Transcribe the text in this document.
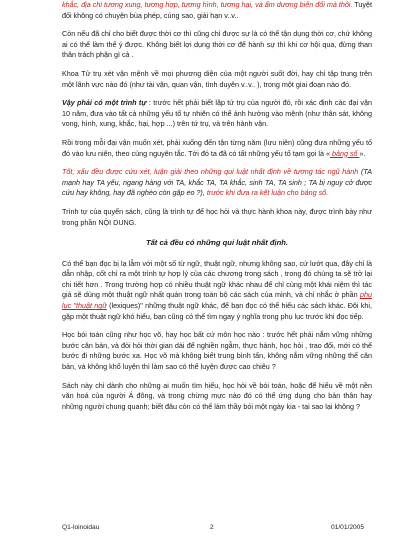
khắc, địa chi tương xung, tương hợp, tương hình, tương hại, và ẩm dương biến đổi mà thôi. Tuyệt đối không có chuyện bùa phép, cúng sao, giải hạn v..v..

Còn nếu đã chỉ cho biết được thời cơ thì cũng chỉ được sự là có thể tận dụng thời cơ, chứ không ai có thể làm thế ý được. Không biết lợi dụng thời cơ để hành sự thì khi cơ hội qua, đừng than thân trách phận gì cả .

Khoa Tử trụ xét vận mệnh về mọi phương diện của một người suốt đời, hay chỉ tập trung trên một lãnh vực nào đó (như tài vận, quan vận, tình duyên v..v.. ), trong một giai đoạn nào đó.

Vậy phải có một trình tự : trước hết phải biết lập tứ trụ của người đó, rồi xác định các đại vận 10 năm, đưa vào tất cả những yếu tố tự nhiên có thể ảnh hưởng vào mệnh (như thân sát, không vong, hình, xung, khắc, hại, hợp ...) trên tứ trụ, và trên hành vận.

Rồi trong mỗi đại vận muốn xét, phải xuống đến tận từng năm (lưu niên) cũng đưa những yếu tố đó vào lưu niên, theo cùng nguyên tắc. Tới đó ta đã có tất những yếu tố tạm gọi là « bảng số ».

Tốt, xấu đều được cứu xét, luận giải theo những qui luật nhất định về tương tác ngũ hành (TA mạnh hay TA yếu, ngang hàng với TA, khắc TA, TA khắc, sinh TA, TA sinh ; TA bị nguy cở được cứu hay không, hay đã nghèo còn gặp eo ?), trước khi đưa ra kết luận cho bảng số.

Trình tự của quyển sách, cũng là trình tự để học hỏi và thực hành khoa này, được trình bày như trong phần NỘI DUNG.

Tất cả đều có những qui luật nhất định.

Có thể bạn đọc bị lạ lẫm với một số từ ngữ, thuật ngữ, nhưng không sao, cứ lướt qua, đây chỉ là dẫn nhập, cốt chỉ ra một trình tự hợp lý của các chương trong sách , trong đó chúng ta sẽ trở lại chi tiết hơn . Trong trường hợp có nhiều thuật ngữ khác nhau để chỉ cùng một khái niệm thì tác giả sẽ dùng một thuật ngữ nhất quán trong toàn bộ các sách của mình, và chỉ nhắc ở phần phụ lục "thuật ngữ (lexiques)" những thuật ngữ khác, để bạn đọc có thể hiểu các sách khác. Đôi khi, gặp một thuật ngữ khó hiểu, bạn cũng có thể tìm ngay ý nghĩa trong phụ lục trước khi đọc tiếp.

Học bói toán cũng như học võ, hay học bất cứ môn học nào : trước hết phải nắm vững những bước căn bản, và đòi hỏi thời gian dài để nghiền ngẫm, thực hành, học hỏi , trao đổi, mới có thể bước đi những bước xa. Học võ mà không biết trung bình tấn, không nắm vững những thế căn bản, và không khổ luyện thì làm sao có thể luyện được cao chiêu ?

Sách này chỉ dành cho những ai muốn tìm hiểu, học hỏi về bói toán, hoặc để hiểu về một nền văn hoá của người Á đông, và trong chừng mực nào đó có thể ứng dụng cho bản thân hay những người chung quanh; biết đâu còn có thể làm thầy bói một ngày kia - tại sao lại không ?

Q1-loinoidau	2	01/01/2005
